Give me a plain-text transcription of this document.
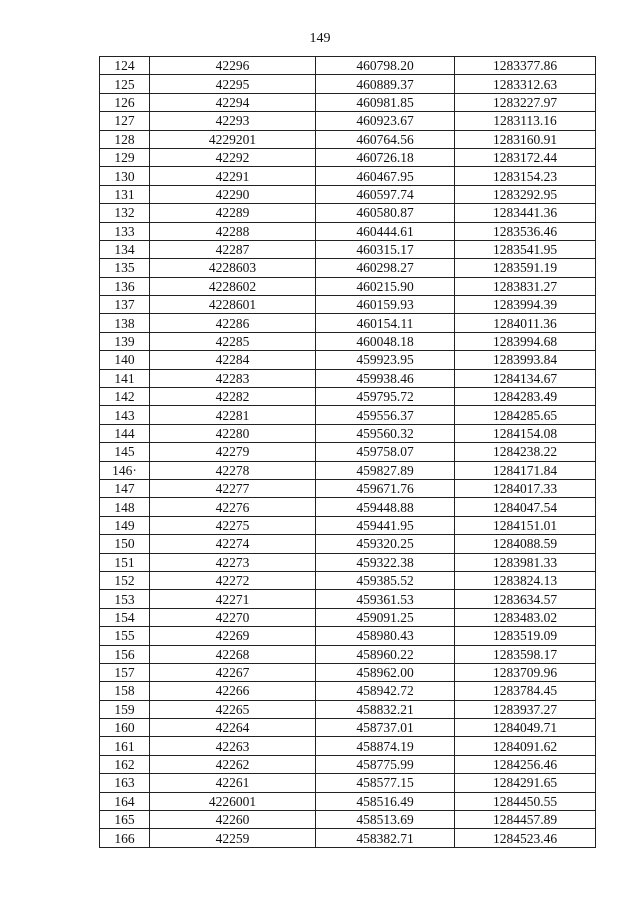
149
124	42296	460798.20	1283377.86
125	42295	460889.37	1283312.63
126	42294	460981.85	1283227.97
127	42293	460923.67	1283113.16
128	4229201	460764.56	1283160.91
129	42292	460726.18	1283172.44
130	42291	460467.95	1283154.23
131	42290	460597.74	1283292.95
132	42289	460580.87	1283441.36
133	42288	460444.61	1283536.46
134	42287	460315.17	1283541.95
135	4228603	460298.27	1283591.19
136	4228602	460215.90	1283831.27
137	4228601	460159.93	1283994.39
138	42286	460154.11	1284011.36
139	42285	460048.18	1283994.68
140	42284	459923.95	1283993.84
141	42283	459938.46	1284134.67
142	42282	459795.72	1284283.49
143	42281	459556.37	1284285.65
144	42280	459560.32	1284154.08
145	42279	459758.07	1284238.22
146·	42278	459827.89	1284171.84
147	42277	459671.76	1284017.33
148	42276	459448.88	1284047.54
149	42275	459441.95	1284151.01
150	42274	459320.25	1284088.59
151	42273	459322.38	1283981.33
152	42272	459385.52	1283824.13
153	42271	459361.53	1283634.57
154	42270	459091.25	1283483.02
155	42269	458980.43	1283519.09
156	42268	458960.22	1283598.17
157	42267	458962.00	1283709.96
158	42266	458942.72	1283784.45
159	42265	458832.21	1283937.27
160	42264	458737.01	1284049.71
161	42263	458874.19	1284091.62
162	42262	458775.99	1284256.46
163	42261	458577.15	1284291.65
164	4226001	458516.49	1284450.55
165	42260	458513.69	1284457.89
166	42259	458382.71	1284523.46
